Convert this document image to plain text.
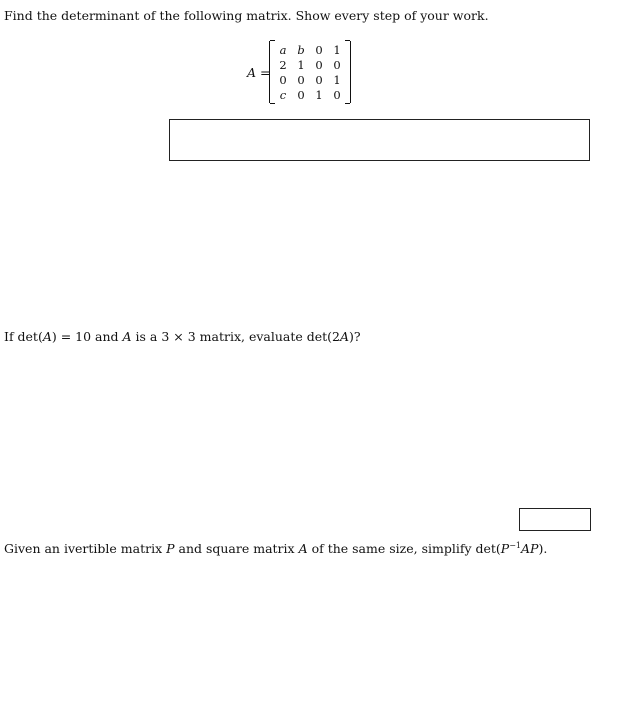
Find the determinant of the following matrix. Show every step of your work.
A =
a b 0 1
2 1 0 0
0 0 0 1
c 0 1 0
If det(A) = 10 and A is a 3 × 3 matrix, evaluate det(2A)?
Given an ivertible matrix P and square matrix A of the same size, simplify $\det(P^{-1}AP)$.
